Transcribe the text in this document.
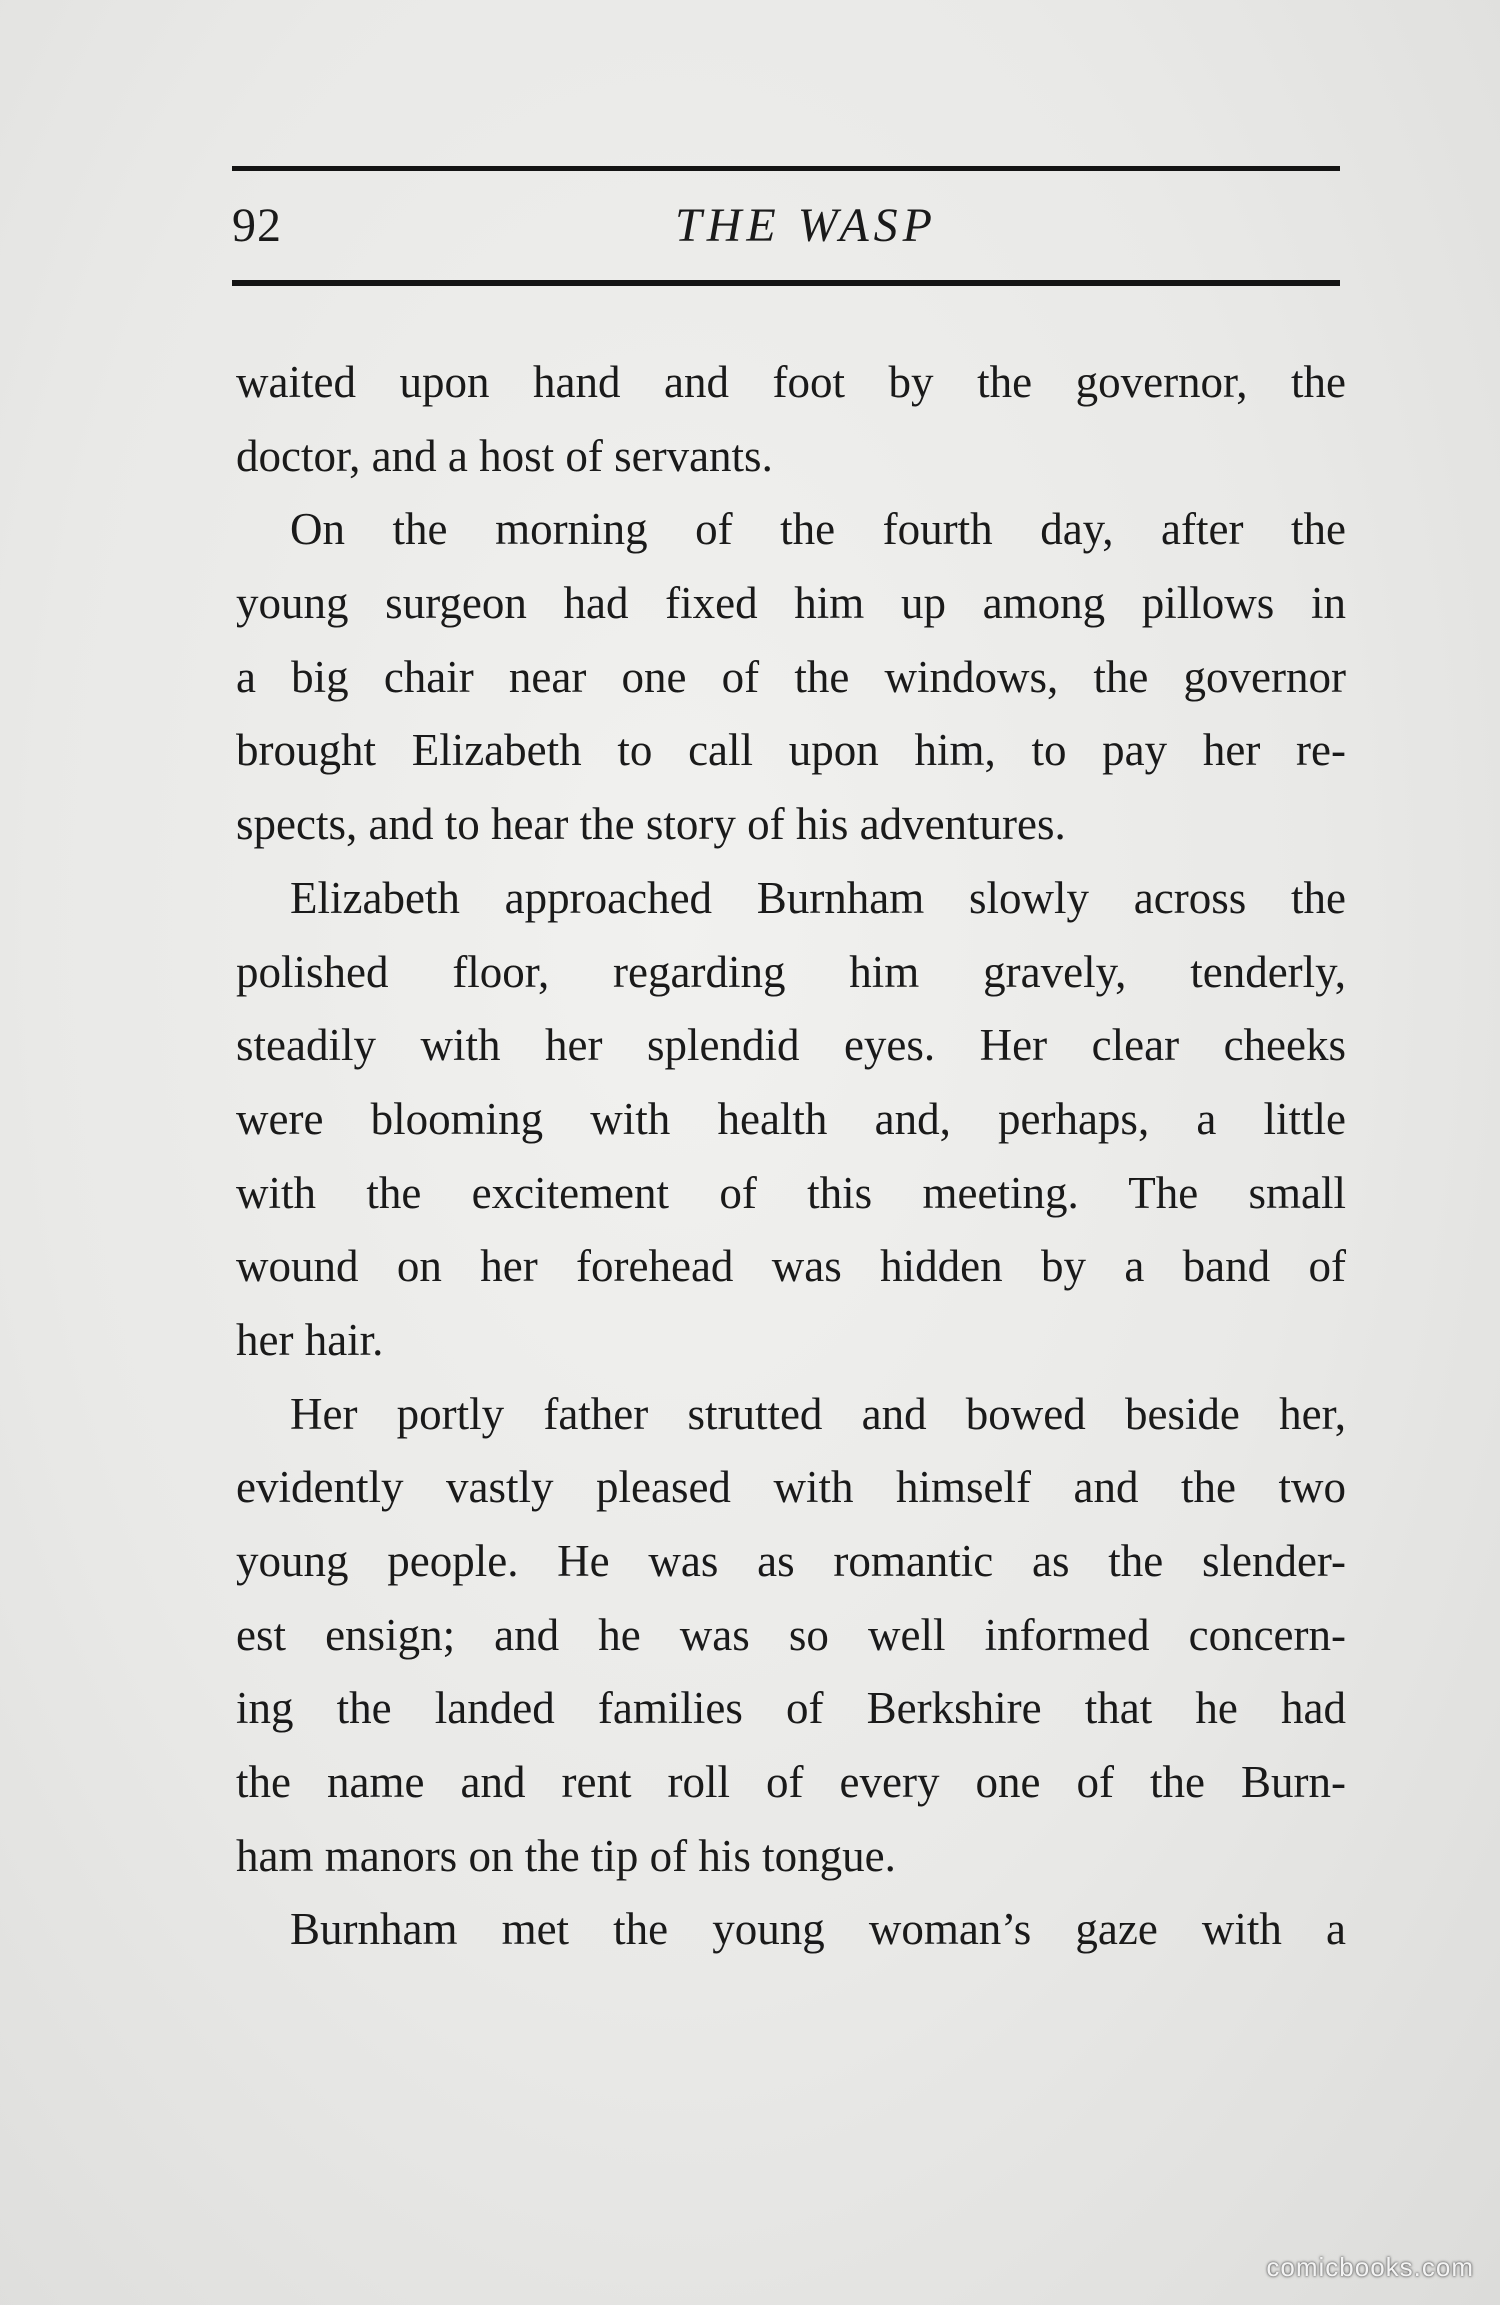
92	THE WASP
waited upon hand and foot by the governor, the
doctor, and a host of servants.
On the morning of the fourth day, after the
young surgeon had fixed him up among pillows in
a big chair near one of the windows, the governor
brought Elizabeth to call upon him, to pay her re-
spects, and to hear the story of his adventures.
Elizabeth approached Burnham slowly across the
polished floor, regarding him gravely, tenderly,
steadily with her splendid eyes. Her clear cheeks
were blooming with health and, perhaps, a little
with the excitement of this meeting. The small
wound on her forehead was hidden by a band of
her hair.
Her portly father strutted and bowed beside her,
evidently vastly pleased with himself and the two
young people. He was as romantic as the slender-
est ensign; and he was so well informed concern-
ing the landed families of Berkshire that he had
the name and rent roll of every one of the Burn-
ham manors on the tip of his tongue.
Burnham met the young woman’s gaze with a
comicbooks.com
